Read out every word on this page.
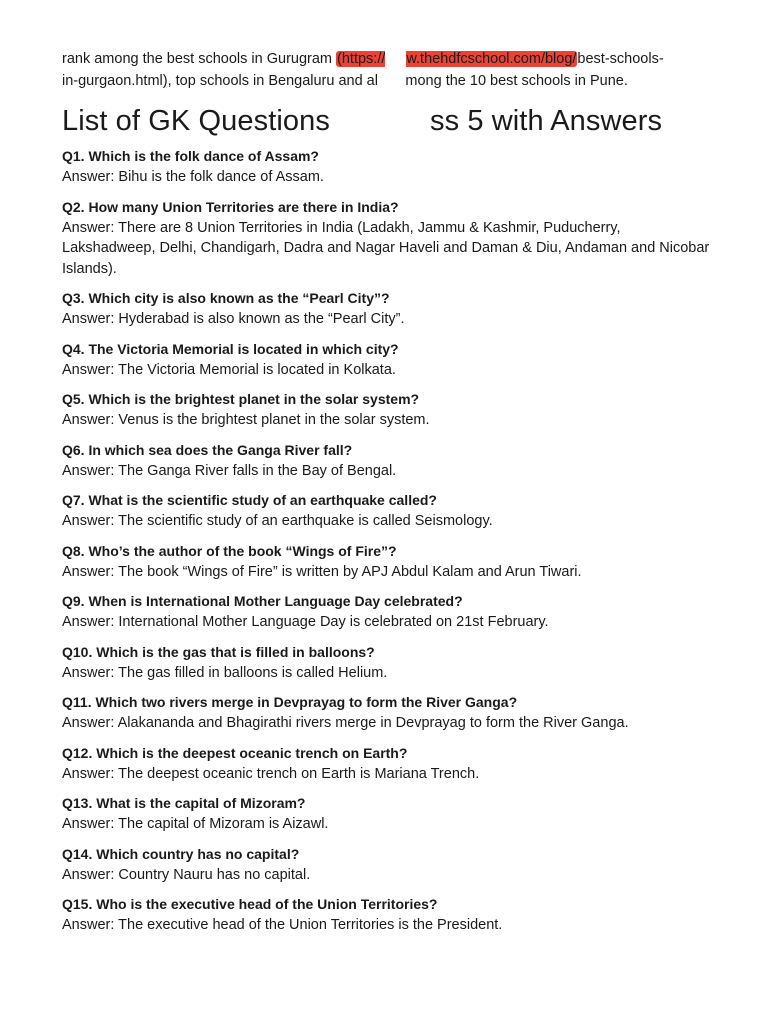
rank among the best schools in Gurugram (https:// w.thehdfcschool.com/blog/best-schools-
in-gurgaon.html), top schools in Bengaluru and al mong the 10 best schools in Pune.

List of GK Questions	ss 5 with Answers

Q1. Which is the folk dance of Assam?

Answer: Bihu is the folk dance of Assam.

Q2. How many Union Territories are there in India?

Answer: There are 8 Union Territories in India (Ladakh, Jammu & Kashmir, Puducherry, Lakshadweep, Delhi, Chandigarh, Dadra and Nagar Haveli and Daman & Diu, Andaman and Nicobar Islands).

Q3. Which city is also known as the “Pearl City”?

Answer: Hyderabad is also known as the “Pearl City”.

Q4. The Victoria Memorial is located in which city?

Answer: The Victoria Memorial is located in Kolkata.

Q5. Which is the brightest planet in the solar system?

Answer: Venus is the brightest planet in the solar system.

Q6. In which sea does the Ganga River fall?

Answer: The Ganga River falls in the Bay of Bengal.

Q7. What is the scientific study of an earthquake called?

Answer: The scientific study of an earthquake is called Seismology.

Q8. Who’s the author of the book “Wings of Fire”?

Answer: The book “Wings of Fire” is written by APJ Abdul Kalam and Arun Tiwari.

Q9. When is International Mother Language Day celebrated?

Answer: International Mother Language Day is celebrated on 21st February.

Q10. Which is the gas that is filled in balloons?

Answer: The gas filled in balloons is called Helium.

Q11. Which two rivers merge in Devprayag to form the River Ganga?

Answer: Alakananda and Bhagirathi rivers merge in Devprayag to form the River Ganga.

Q12. Which is the deepest oceanic trench on Earth?

Answer: The deepest oceanic trench on Earth is Mariana Trench.

Q13. What is the capital of Mizoram?

Answer: The capital of Mizoram is Aizawl.

Q14. Which country has no capital?

Answer: Country Nauru has no capital.

Q15. Who is the executive head of the Union Territories?

Answer: The executive head of the Union Territories is the President.
